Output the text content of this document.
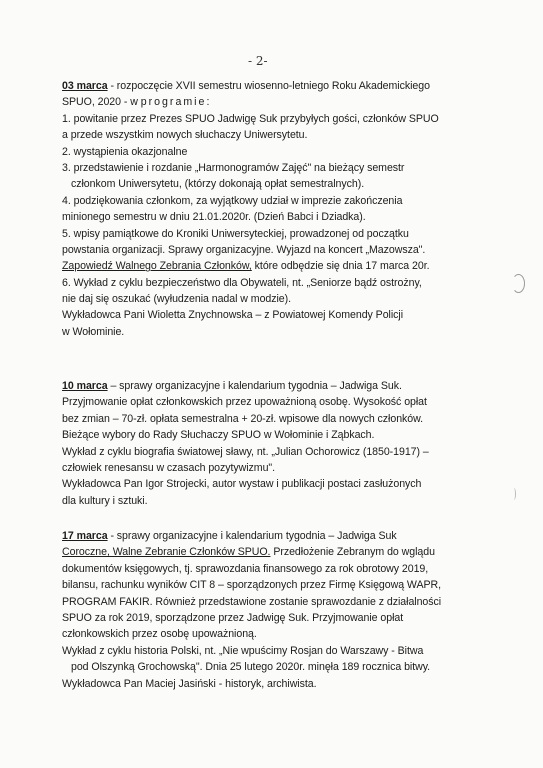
- 2-
03 marca - rozpoczęcie XVII semestru wiosenno-letniego Roku Akademickiego
SPUO, 2020 - w programie:
1. powitanie przez Prezes SPUO Jadwigę Suk przybyłych gości, członków SPUO
a przede wszystkim nowych słuchaczy Uniwersytetu.
2. wystąpienia okazjonalne
3. przedstawienie i rozdanie „Harmonogramów Zajęć" na bieżący semestr
członkom Uniwersytetu, (którzy dokonają opłat semestralnych).
4. podziękowania członkom, za wyjątkowy udział w imprezie zakończenia
minionego semestru w dniu 21.01.2020r. (Dzień Babci i Dziadka).
5. wpisy pamiątkowe do Kroniki Uniwersyteckiej, prowadzonej od początku
powstania organizacji. Sprawy organizacyjne. Wyjazd na koncert „Mazowsza".
Zapowiedź Walnego Zebrania Członków, które odbędzie się dnia 17 marca 20r.
6. Wykład z cyklu bezpieczeństwo dla Obywateli, nt. „Seniorze bądź ostrożny,
nie daj się oszukać (wyłudzenia nadal w modzie).
Wykładowca Pani Wioletta Znychnowska – z Powiatowej Komendy Policji
w Wołominie.
10 marca – sprawy organizacyjne i kalendarium tygodnia – Jadwiga Suk.
Przyjmowanie opłat członkowskich przez upoważnioną osobę. Wysokość opłat
bez zmian – 70-zł. opłata semestralna + 20-zł. wpisowe dla nowych członków.
Bieżące wybory do Rady Słuchaczy SPUO w Wołominie i Ząbkach.
Wykład z cyklu biografia światowej sławy, nt. „Julian Ochorowicz (1850-1917) –
człowiek renesansu w czasach pozytywizmu".
Wykładowca Pan Igor Strojecki, autor wystaw i publikacji postaci zasłużonych
dla kultury i sztuki.
17 marca - sprawy organizacyjne i kalendarium tygodnia – Jadwiga Suk
Coroczne, Walne Zebranie Członków SPUO. Przedłożenie Zebranym do wglądu
dokumentów księgowych, tj. sprawozdania finansowego za rok obrotowy 2019,
bilansu, rachunku wyników CIT 8 – sporządzonych przez Firmę Księgową WAPR,
PROGRAM FAKIR. Również przedstawione zostanie sprawozdanie z działalności
SPUO za rok 2019, sporządzone przez Jadwigę Suk. Przyjmowanie opłat
członkowskich przez osobę upoważnioną.
Wykład z cyklu historia Polski, nt. „Nie wpuścimy Rosjan do Warszawy - Bitwa
pod Olszynką Grochowską". Dnia 25 lutego 2020r. minęła 189 rocznica bitwy.
Wykładowca Pan Maciej Jasiński - historyk, archiwista.
